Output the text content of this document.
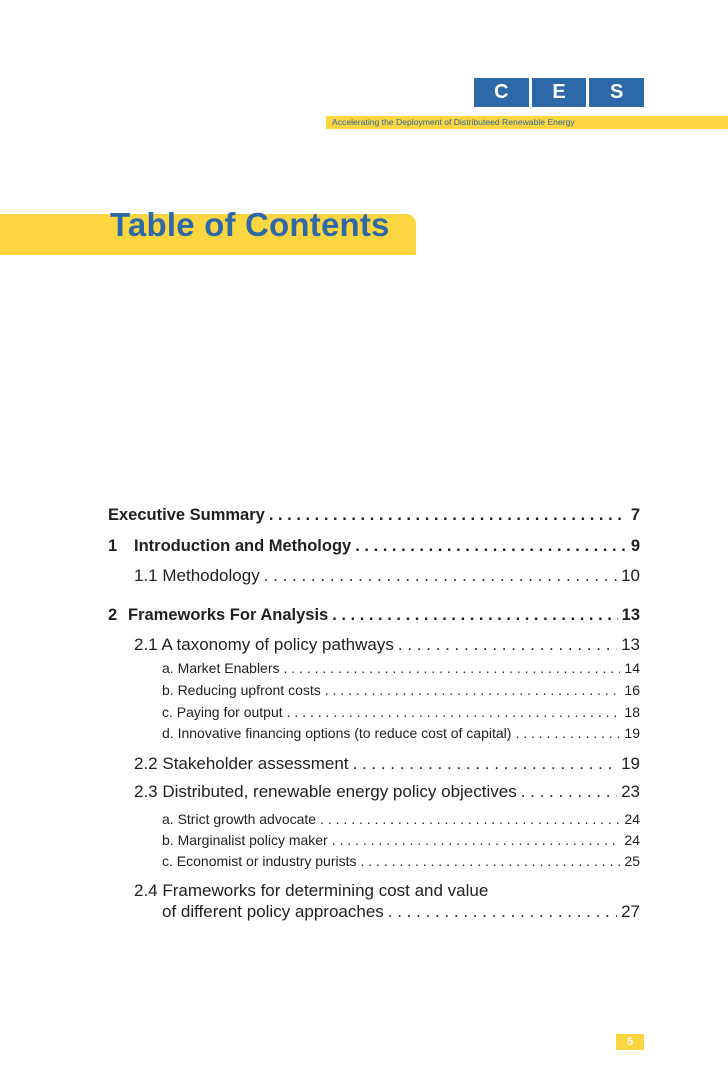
C	E	S
Accelerating the Deployment of Distributeed Renewable Energy
Table of Contents
Executive Summary . . .	7
1 Introduction and Methology . . .	9
1.1 Methodology . . .	10
2 Frameworks For Analysis . . .	13
2.1 A taxonomy of policy pathways . . .	13
a. Market Enablers . . .	14
b. Reducing upfront costs . . .	16
c. Paying for output . . .	18
d. Innovative financing options (to reduce cost of capital) . . .	19
2.2 Stakeholder assessment . . .	19
2.3 Distributed, renewable energy policy objectives . . .	23
a. Strict growth advocate . . .	24
b. Marginalist policy maker . . .	24
c. Economist or industry purists . . .	25
2.4 Frameworks for determining cost and value
of different policy approaches . . .	27
5
